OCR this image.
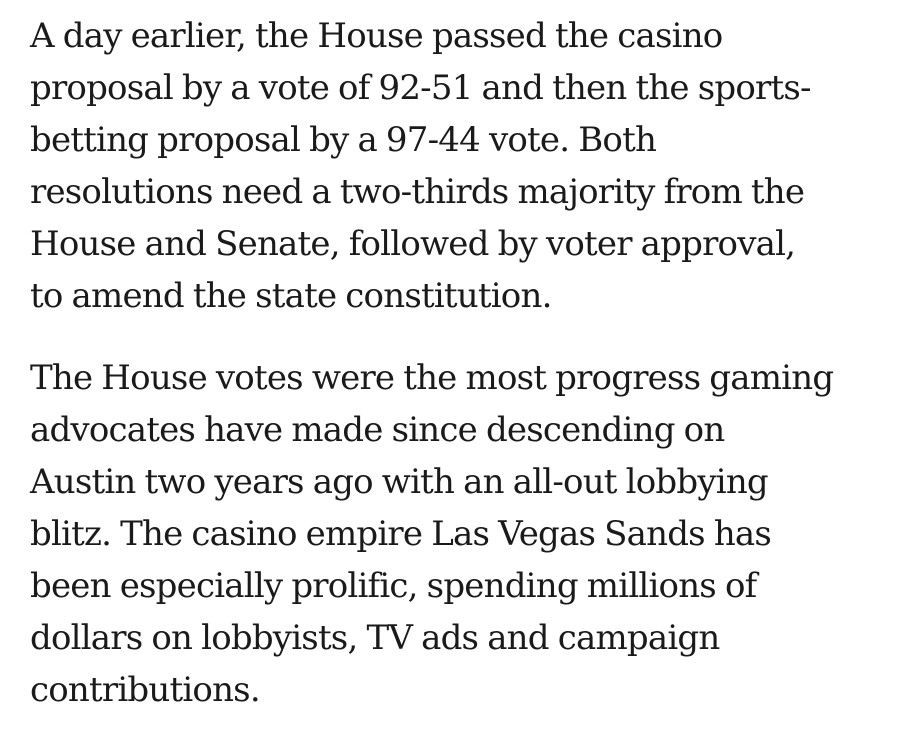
A day earlier, the House passed the casino
proposal by a vote of 92-51 and then the sports-
betting proposal by a 97-44 vote. Both
resolutions need a two-thirds majority from the
House and Senate, followed by voter approval,
to amend the state constitution.

The House votes were the most progress gaming
advocates have made since descending on
Austin two years ago with an all-out lobbying
blitz. The casino empire Las Vegas Sands has
been especially prolific, spending millions of
dollars on lobbyists, TV ads and campaign
contributions.
